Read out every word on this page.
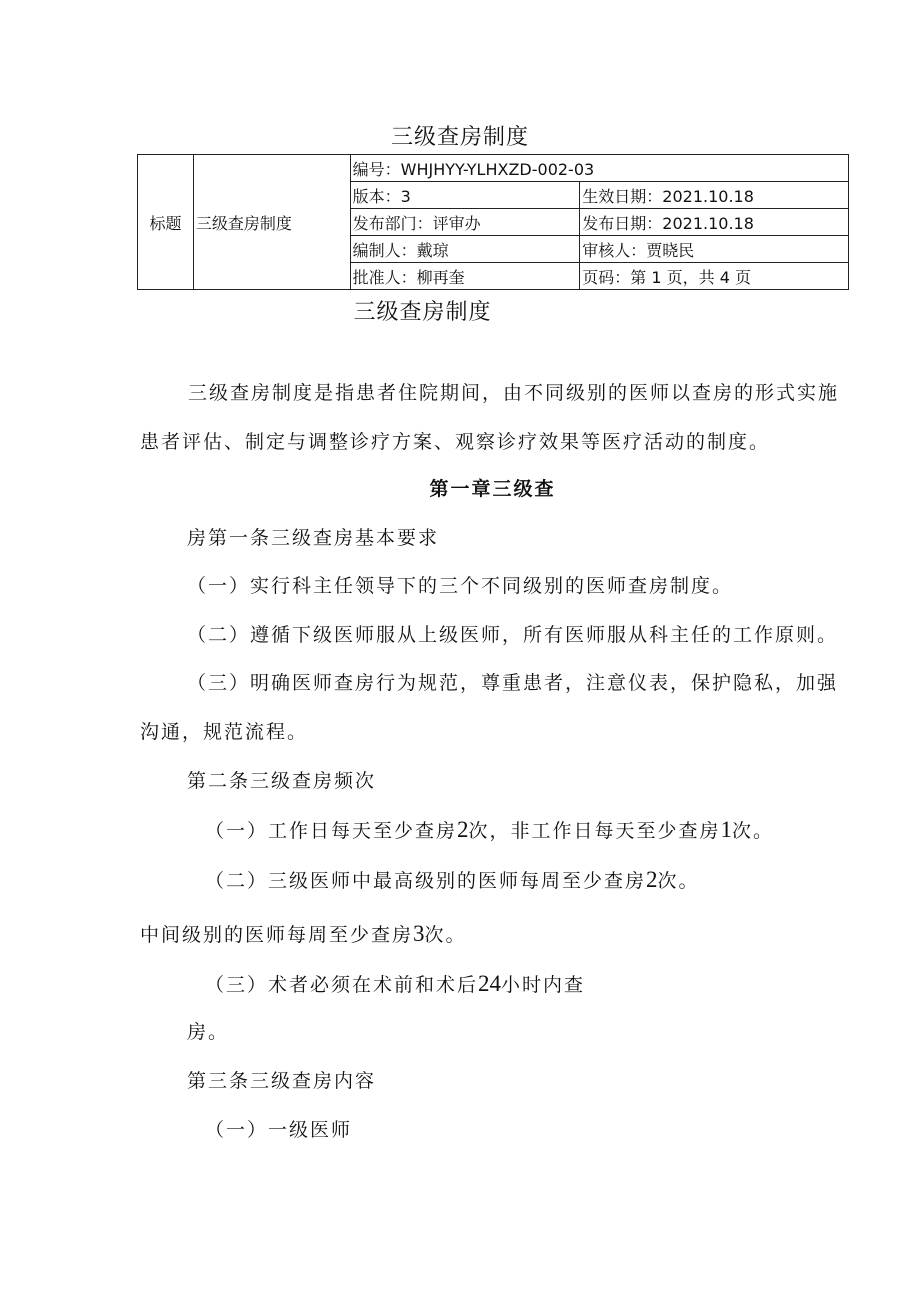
三级查房制度
标题	三级查房制度	编号：WHJHYY-YLHXZD-002-03	
		版本：3	生效日期：2021.10.18
		发布部门：评审办	发布日期：2021.10.18
		编制人：戴琼	审核人：贾晓民
		批准人：柳再奎	页码：第 1 页，共 4 页
三级查房制度
三级查房制度是指患者住院期间，由不同级别的医师以查房的形式实施
患者评估、制定与调整诊疗方案、观察诊疗效果等医疗活动的制度。
第一章三级查
房第一条三级查房基本要求
（一）实行科主任领导下的三个不同级别的医师查房制度。
（二）遵循下级医师服从上级医师，所有医师服从科主任的工作原则。
（三）明确医师查房行为规范，尊重患者，注意仪表，保护隐私，加强
沟通，规范流程。
第二条三级查房频次
（一）工作日每天至少查房2次，非工作日每天至少查房1次。
（二）三级医师中最高级别的医师每周至少查房2次。
中间级别的医师每周至少查房3次。
（三）术者必须在术前和术后24小时内查
房。
第三条三级查房内容
（一）一级医师
